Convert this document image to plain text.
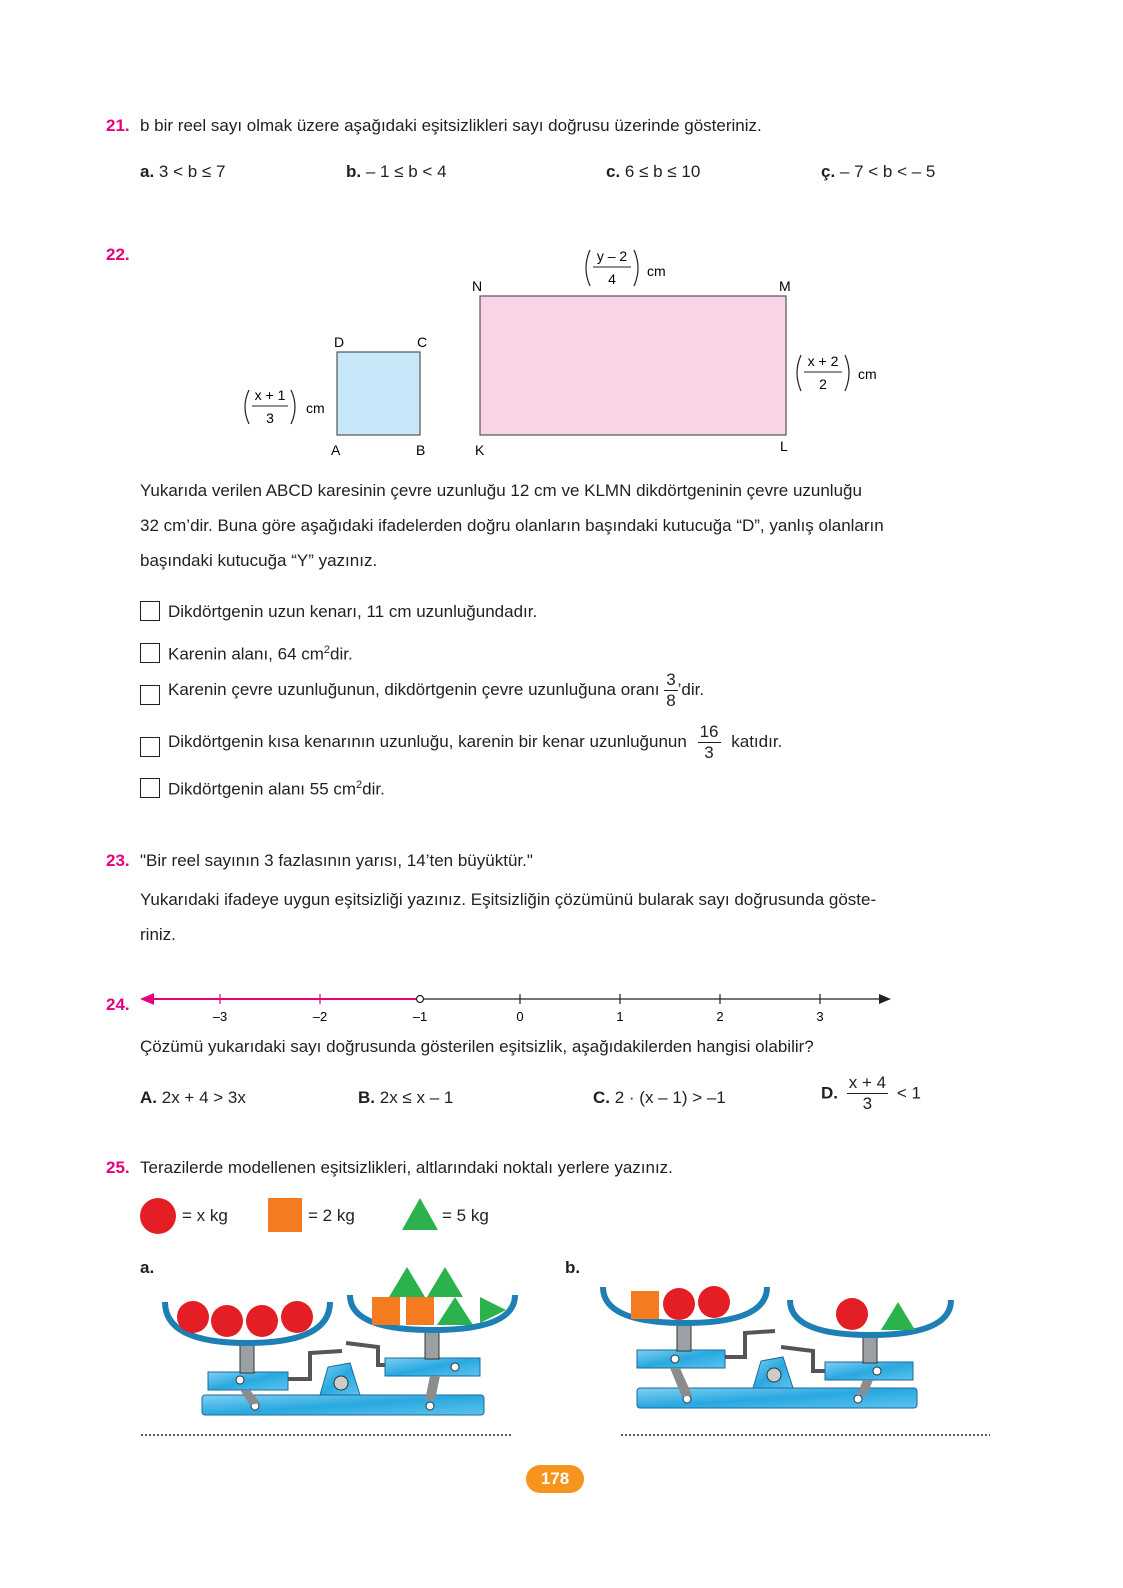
21. b bir reel sayı olmak üzere aşağıdaki eşitsizlikleri sayı doğrusu üzerinde gösteriniz.
a. 3 < b ≤ 7	b. – 1 ≤ b < 4	c. 6 ≤ b ≤ 10	ç. – 7 < b < – 5
22.
D	C
A	B
x + 1
3
cm
N	M
K	L
y – 2
4 cm
x + 2
2
cm
Yukarıda verilen ABCD karesinin çevre uzunluğu 12 cm ve KLMN dikdörtgeninin çevre uzunluğu
32 cm’dir. Buna göre aşağıdaki ifadelerden doğru olanların başındaki kutucuğa “D”, yanlış olanların
başındaki kutucuğa “Y” yazınız.
Dikdörtgenin uzun kenarı, 11 cm uzunluğundadır.
Karenin alanı, 64 $cm^2dir$.
Karenin çevre uzunluğunun, dikdörtgenin çevre uzunluğuna oranı $\frac{3}{8}$ ’dir.
Dikdörtgenin kısa kenarının uzunluğu, karenin bir kenar uzunluğunun $\frac{16}{3}$ katıdır.
Dikdörtgenin alanı 55 $cm^2dir$.
23. "Bir reel sayının 3 fazlasının yarısı, 14’ten büyüktür."
Yukarıdaki ifadeye uygun eşitsizliği yazınız. Eşitsizliğin çözümünü bularak sayı doğrusunda göste-
riniz.
24.
–3	–2	–1	0	1	2	3
Çözümü yukarıdaki sayı doğrusunda gösterilen eşitsizlik, aşağıdakilerden hangisi olabilir?
A. 2x + 4 > 3x	B. 2x ≤ x – 1	C. 2 · (x – 1) > –1	D. $\frac{x + 4}{3} < 1$
25. Terazilerde modellenen eşitsizlikleri, altlarındaki noktalı yerlere yazınız.
= x kg	= 2 kg	= 5 kg
a.	b.
178
